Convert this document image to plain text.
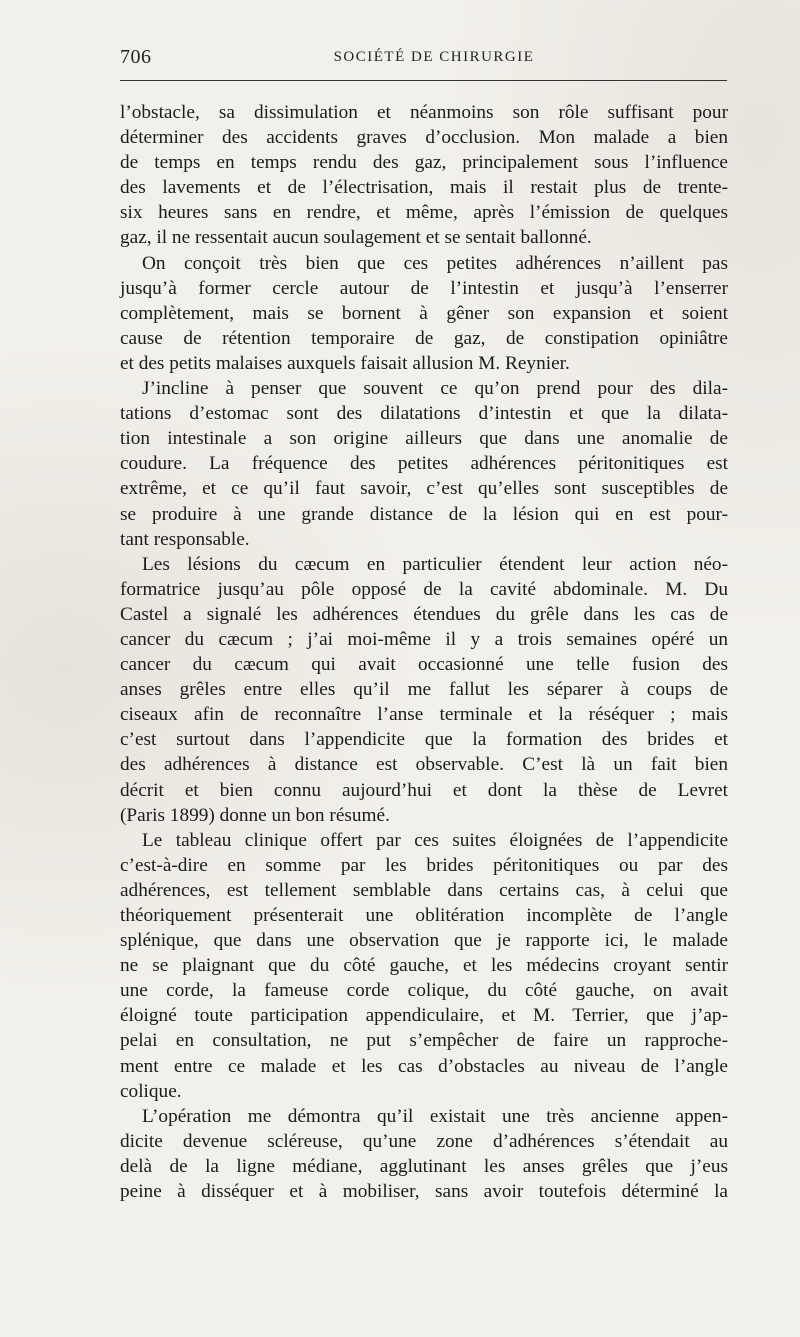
706	SOCIÉTÉ DE CHIRURGIE
l’obstacle, sa dissimulation et néanmoins son rôle suffisant pour
déterminer des accidents graves d’occlusion. Mon malade a bien
de temps en temps rendu des gaz, principalement sous l’influence
des lavements et de l’électrisation, mais il restait plus de trente-
six heures sans en rendre, et même, après l’émission de quelques
gaz, il ne ressentait aucun soulagement et se sentait ballonné.
On conçoit très bien que ces petites adhérences n’aillent pas
jusqu’à former cercle autour de l’intestin et jusqu’à l’enserrer
complètement, mais se bornent à gêner son expansion et soient
cause de rétention temporaire de gaz, de constipation opiniâtre
et des petits malaises auxquels faisait allusion M. Reynier.
J’incline à penser que souvent ce qu’on prend pour des dila-
tations d’estomac sont des dilatations d’intestin et que la dilata-
tion intestinale a son origine ailleurs que dans une anomalie de
coudure. La fréquence des petites adhérences péritonitiques est
extrême, et ce qu’il faut savoir, c’est qu’elles sont susceptibles de
se produire à une grande distance de la lésion qui en est pour-
tant responsable.
Les lésions du cæcum en particulier étendent leur action néo-
formatrice jusqu’au pôle opposé de la cavité abdominale. M. Du
Castel a signalé les adhérences étendues du grêle dans les cas de
cancer du cæcum ; j’ai moi-même il y a trois semaines opéré un
cancer du cæcum qui avait occasionné une telle fusion des
anses grêles entre elles qu’il me fallut les séparer à coups de
ciseaux afin de reconnaître l’anse terminale et la réséquer ; mais
c’est surtout dans l’appendicite que la formation des brides et
des adhérences à distance est observable. C’est là un fait bien
décrit et bien connu aujourd’hui et dont la thèse de Levret
(Paris 1899) donne un bon résumé.
Le tableau clinique offert par ces suites éloignées de l’appendicite
c’est-à-dire en somme par les brides péritonitiques ou par des
adhérences, est tellement semblable dans certains cas, à celui que
théoriquement présenterait une oblitération incomplète de l’angle
splénique, que dans une observation que je rapporte ici, le malade
ne se plaignant que du côté gauche, et les médecins croyant sentir
une corde, la fameuse corde colique, du côté gauche, on avait
éloigné toute participation appendiculaire, et M. Terrier, que j’ap-
pelai en consultation, ne put s’empêcher de faire un rapproche-
ment entre ce malade et les cas d’obstacles au niveau de l’angle
colique.
L’opération me démontra qu’il existait une très ancienne appen-
dicite devenue scléreuse, qu’une zone d’adhérences s’étendait au
delà de la ligne médiane, agglutinant les anses grêles que j’eus
peine à disséquer et à mobiliser, sans avoir toutefois déterminé la
